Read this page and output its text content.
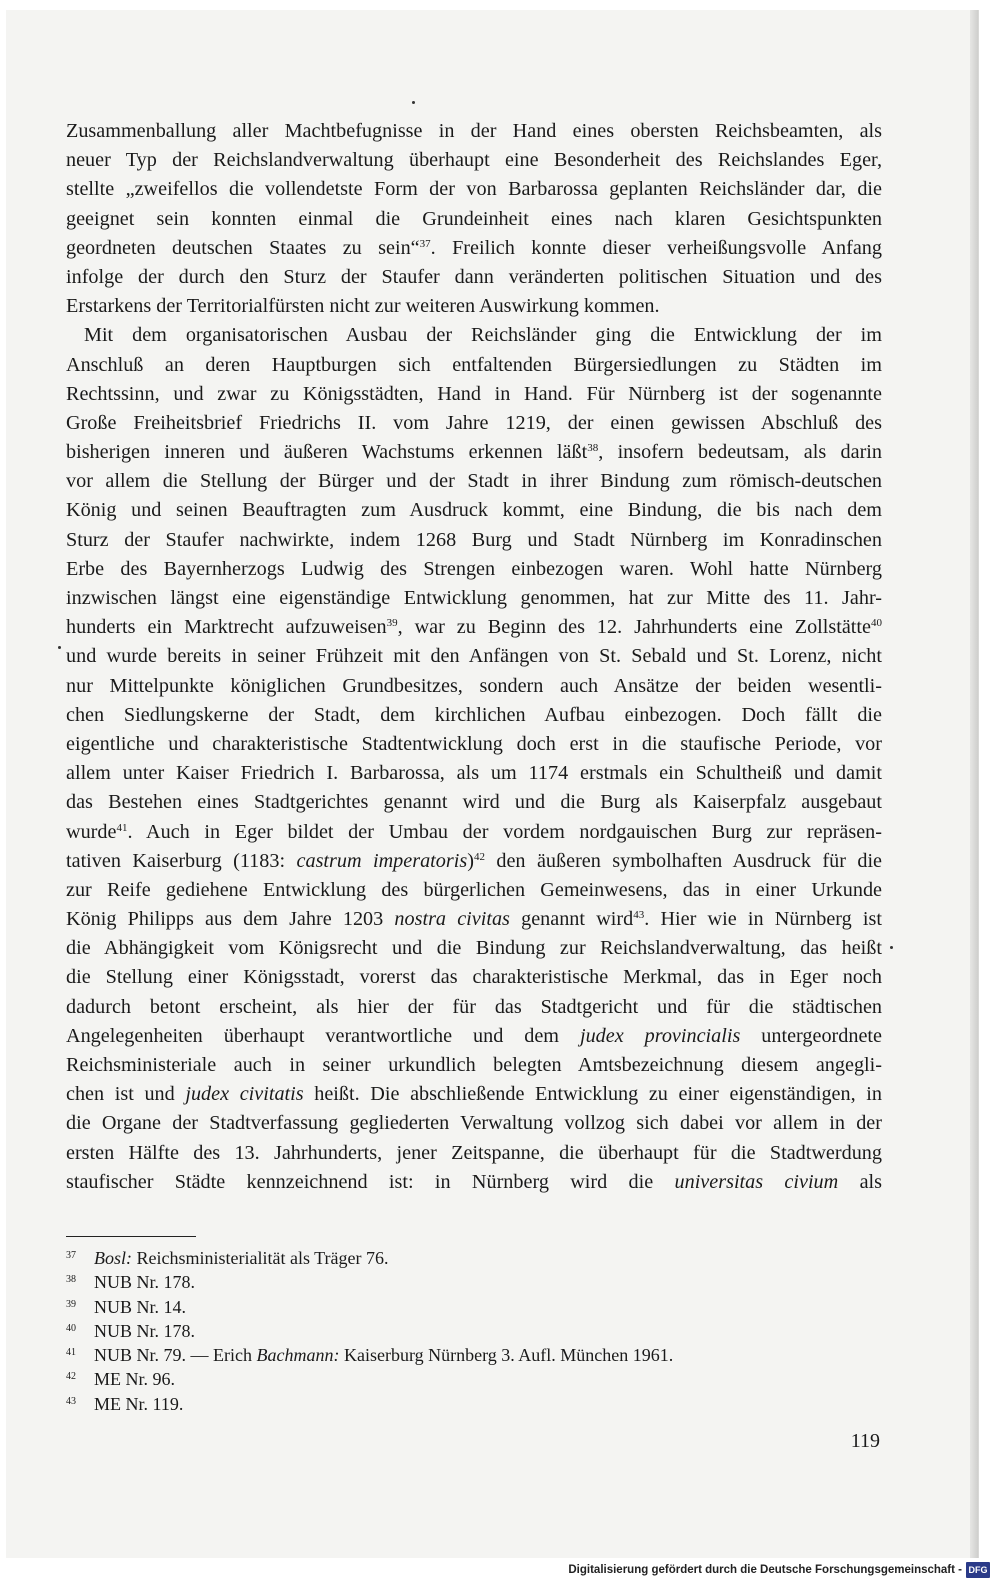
Zusammenballung aller Machtbefugnisse in der Hand eines obersten Reichsbeamten, als
neuer Typ der Reichslandverwaltung überhaupt eine Besonderheit des Reichslandes Eger,
stellte „zweifellos die vollendetste Form der von Barbarossa geplanten Reichsländer dar, die
geeignet sein konnten einmal die Grundeinheit eines nach klaren Gesichtspunkten
geordneten deutschen Staates zu sein“$^{37}$. Freilich konnte dieser verheißungsvolle Anfang
infolge der durch den Sturz der Staufer dann veränderten politischen Situation und des
Erstarkens der Territorialfürsten nicht zur weiteren Auswirkung kommen.
Mit dem organisatorischen Ausbau der Reichsländer ging die Entwicklung der im
Anschluß an deren Hauptburgen sich entfaltenden Bürgersiedlungen zu Städten im
Rechtssinn, und zwar zu Königsstädten, Hand in Hand. Für Nürnberg ist der sogenannte
Große Freiheitsbrief Friedrichs II. vom Jahre 1219, der einen gewissen Abschluß des
bisherigen inneren und äußeren Wachstums erkennen läßt$^{38}$, insofern bedeutsam, als darin
vor allem die Stellung der Bürger und der Stadt in ihrer Bindung zum römisch-deutschen
König und seinen Beauftragten zum Ausdruck kommt, eine Bindung, die bis nach dem
Sturz der Staufer nachwirkte, indem 1268 Burg und Stadt Nürnberg im Konradinschen
Erbe des Bayernherzogs Ludwig des Strengen einbezogen waren. Wohl hatte Nürnberg
inzwischen längst eine eigenständige Entwicklung genommen, hat zur Mitte des 11. Jahr-
hunderts ein Marktrecht aufzuweisen$^{39}$, war zu Beginn des 12. Jahrhunderts eine Zollstätte$^{40}$
und wurde bereits in seiner Frühzeit mit den Anfängen von St. Sebald und St. Lorenz, nicht
nur Mittelpunkte königlichen Grundbesitzes, sondern auch Ansätze der beiden wesentli-
chen Siedlungskerne der Stadt, dem kirchlichen Aufbau einbezogen. Doch fällt die
eigentliche und charakteristische Stadtentwicklung doch erst in die staufische Periode, vor
allem unter Kaiser Friedrich I. Barbarossa, als um 1174 erstmals ein Schultheiß und damit
das Bestehen eines Stadtgerichtes genannt wird und die Burg als Kaiserpfalz ausgebaut
wurde$^{41}$. Auch in Eger bildet der Umbau der vordem nordgauischen Burg zur repräsen-
tativen Kaiserburg (1183: castrum imperatoris)$^{42}$ den äußeren symbolhaften Ausdruck für die
zur Reife gediehene Entwicklung des bürgerlichen Gemeinwesens, das in einer Urkunde
König Philipps aus dem Jahre 1203 nostra civitas genannt wird$^{43}$. Hier wie in Nürnberg ist
die Abhängigkeit vom Königsrecht und die Bindung zur Reichslandverwaltung, das heißt
die Stellung einer Königsstadt, vorerst das charakteristische Merkmal, das in Eger noch
dadurch betont erscheint, als hier der für das Stadtgericht und für die städtischen
Angelegenheiten überhaupt verantwortliche und dem judex provincialis untergeordnete
Reichsministeriale auch in seiner urkundlich belegten Amtsbezeichnung diesem angegli-
chen ist und judex civitatis heißt. Die abschließende Entwicklung zu einer eigenständigen, in
die Organe der Stadtverfassung gegliederten Verwaltung vollzog sich dabei vor allem in der
ersten Hälfte des 13. Jahrhunderts, jener Zeitspanne, die überhaupt für die Stadtwerdung
staufischer Städte kennzeichnend ist: in Nürnberg wird die universitas civium als
37 Bosl: Reichsministerialität als Träger 76.
38 NUB Nr. 178.
39 NUB Nr. 14.
40 NUB Nr. 178.
41 NUB Nr. 79. — Erich Bachmann: Kaiserburg Nürnberg 3. Aufl. München 1961.
42 ME Nr. 96.
43 ME Nr. 119.
119
Digitalisierung gefördert durch die Deutsche Forschungsgemeinschaft - DFG
